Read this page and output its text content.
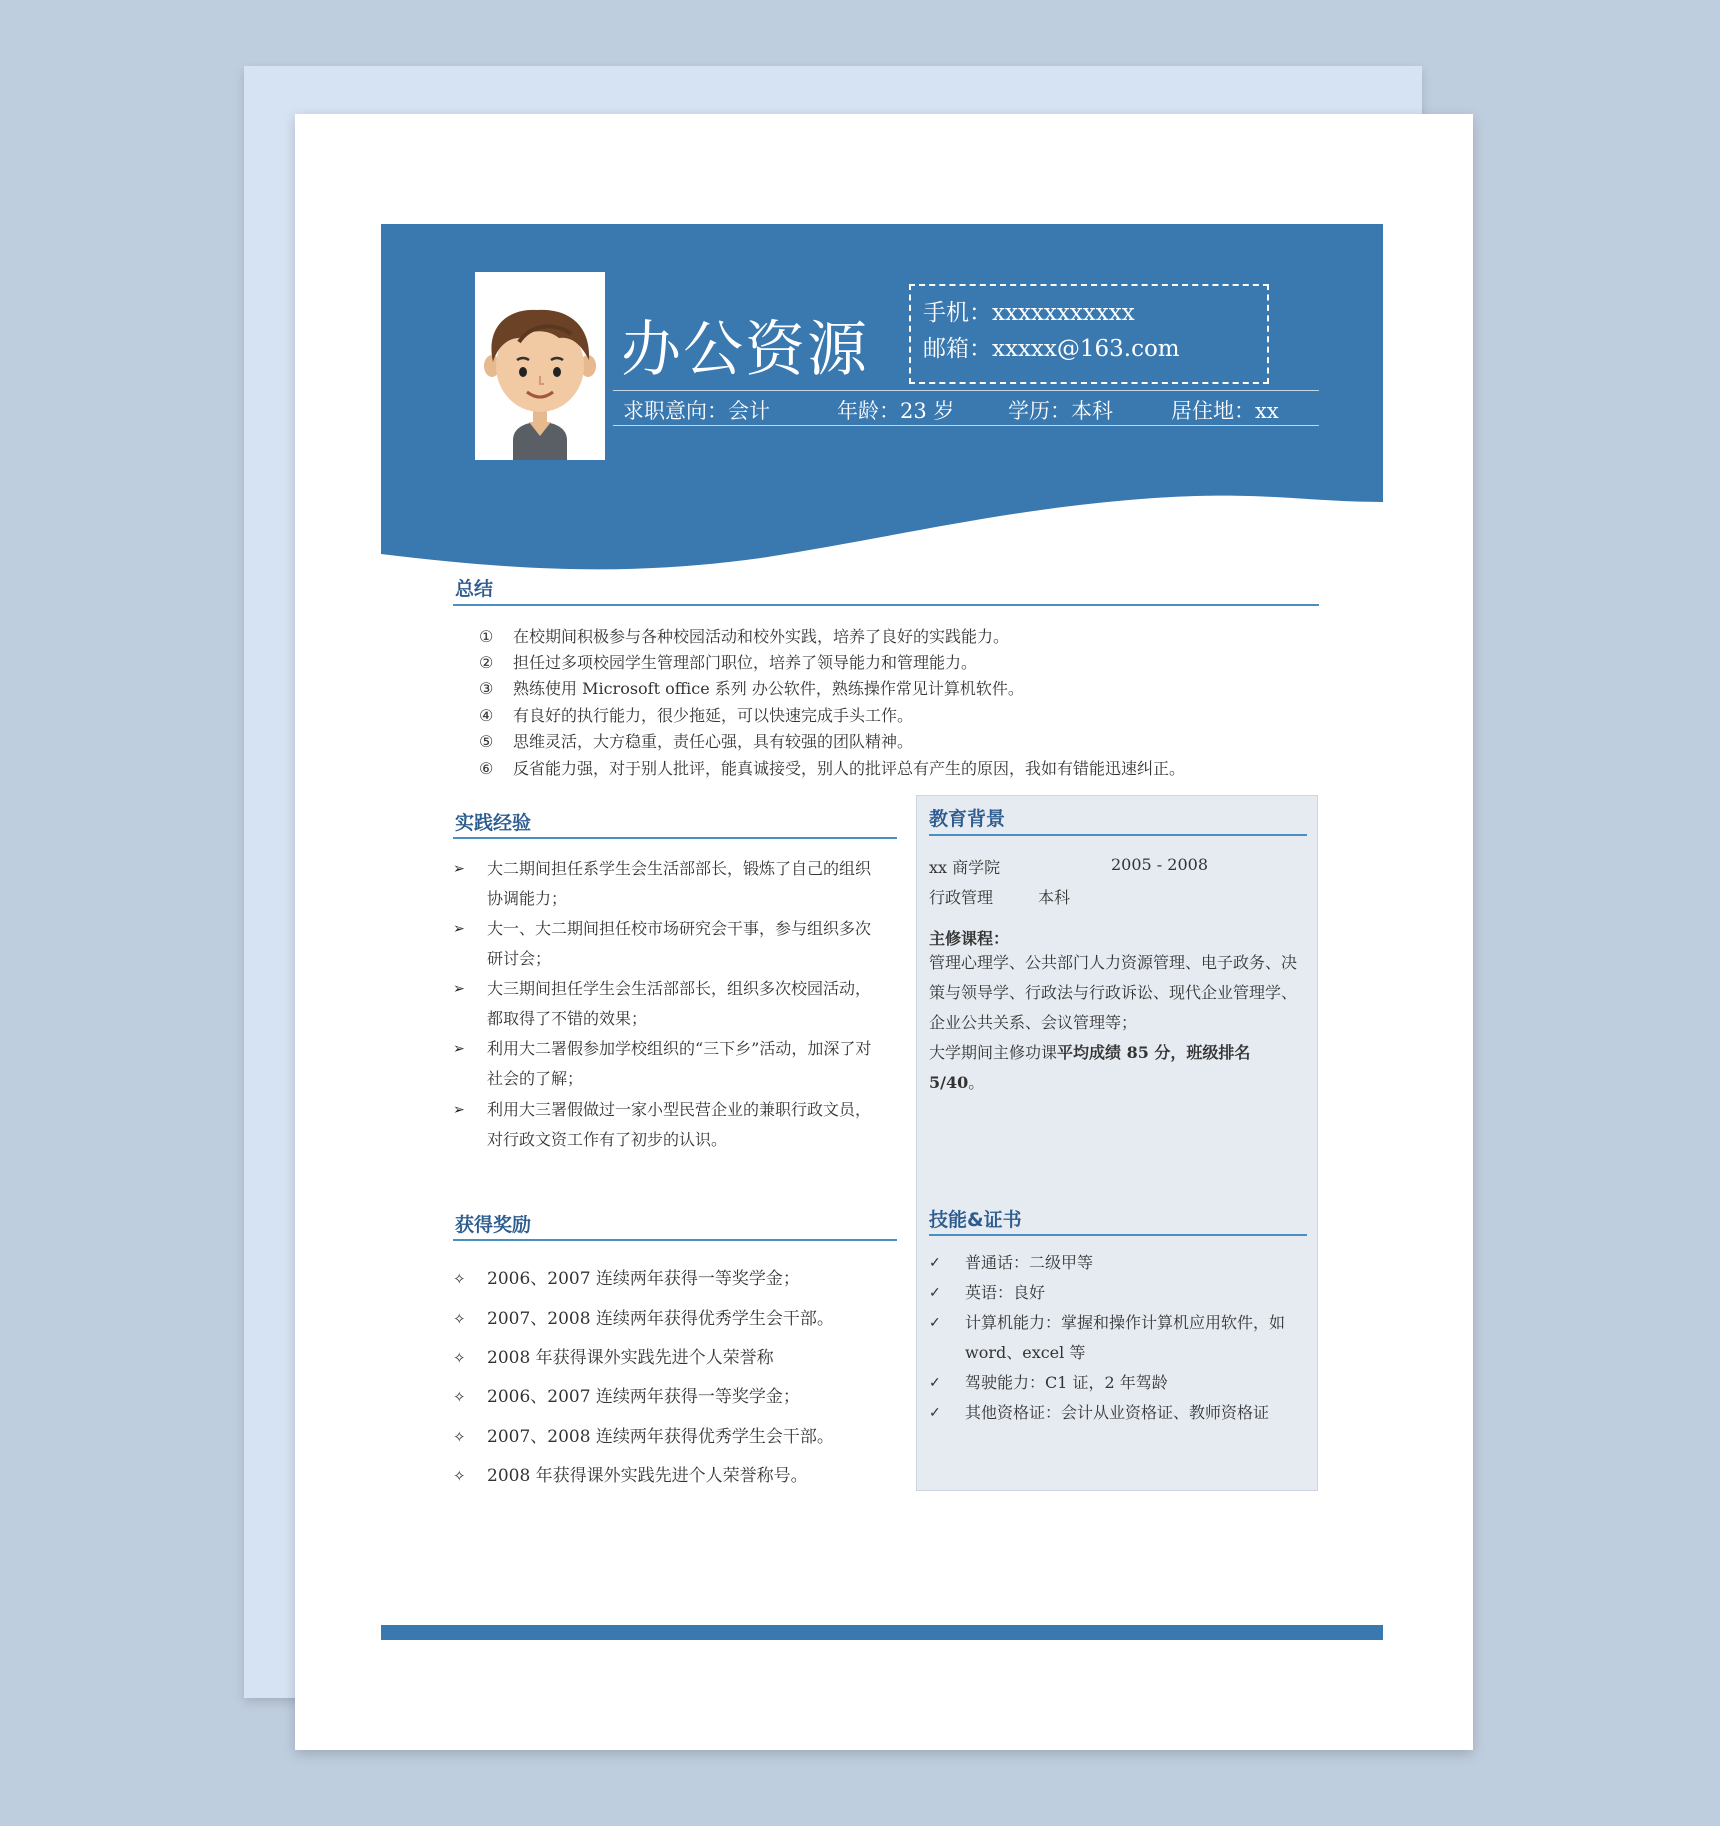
办公资源
手机：xxxxxxxxxxx
邮箱：xxxxx@163.com
求职意向：会计	年龄：23 岁	学历：本科	居住地：xx
总结
① 在校期间积极参与各种校园活动和校外实践，培养了良好的实践能力。
② 担任过多项校园学生管理部门职位，培养了领导能力和管理能力。
③ 熟练使用 Microsoft office 系列 办公软件，熟练操作常见计算机软件。
④ 有良好的执行能力，很少拖延，可以快速完成手头工作。
⑤ 思维灵活，大方稳重，责任心强，具有较强的团队精神。
⑥ 反省能力强，对于别人批评，能真诚接受，别人的批评总有产生的原因，我如有错能迅速纠正。
实践经验
➢ 大二期间担任系学生会生活部部长，锻炼了自己的组织协调能力；
➢ 大一、大二期间担任校市场研究会干事，参与组织多次研讨会；
➢ 大三期间担任学生会生活部部长，组织多次校园活动，都取得了不错的效果；
➢ 利用大二署假参加学校组织的“三下乡”活动，加深了对社会的了解；
➢ 利用大三署假做过一家小型民营企业的兼职行政文员，对行政文资工作有了初步的认识。
获得奖励
✧ 2006、2007 连续两年获得一等奖学金；
✧ 2007、2008 连续两年获得优秀学生会干部。
✧ 2008 年获得课外实践先进个人荣誉称
✧ 2006、2007 连续两年获得一等奖学金；
✧ 2007、2008 连续两年获得优秀学生会干部。
✧ 2008 年获得课外实践先进个人荣誉称号。
教育背景
xx 商学院	2005 - 2008
行政管理	本科
主修课程：
管理心理学、公共部门人力资源管理、电子政务、决策与领导学、行政法与行政诉讼、现代企业管理学、企业公共关系、会议管理等；
大学期间主修功课平均成绩 85 分，班级排名 5/40。
技能&证书
✓ 普通话：二级甲等
✓ 英语：良好
✓ 计算机能力：掌握和操作计算机应用软件，如 word、excel 等
✓ 驾驶能力：C1 证，2 年驾龄
✓ 其他资格证：会计从业资格证、教师资格证
